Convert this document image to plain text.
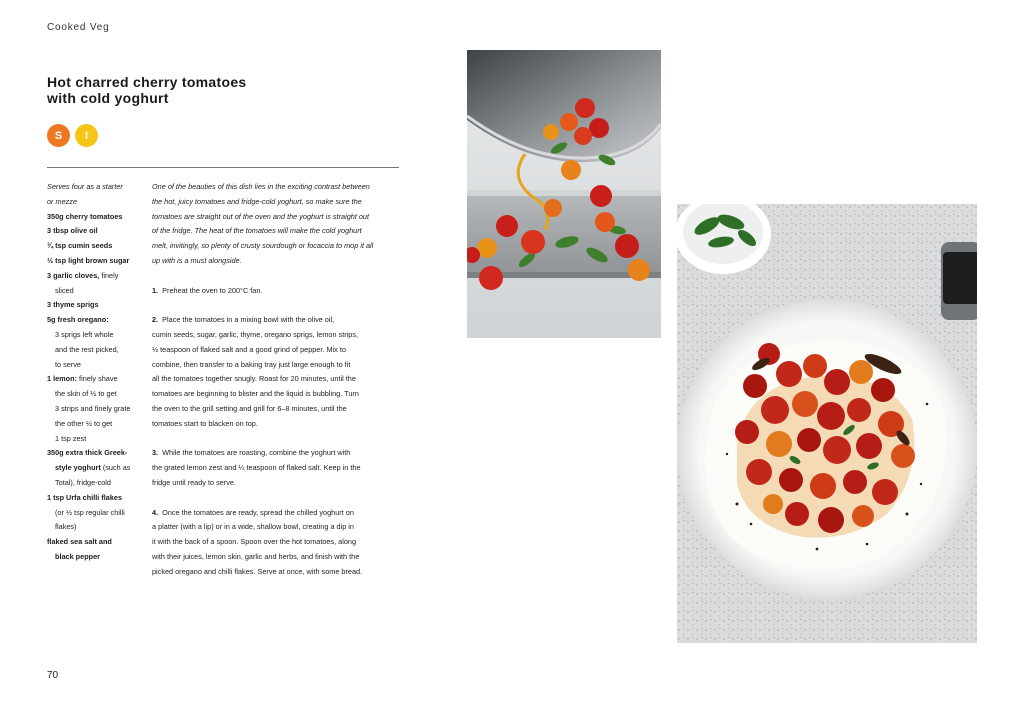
Cooked Veg
Hot charred cherry tomatoes
with cold yoghurt
S	I
Serves four as a starter
or mezze
350g cherry tomatoes
3 tbsp olive oil
¾ tsp cumin seeds
½ tsp light brown sugar
3 garlic cloves, finely
sliced
3 thyme sprigs
5g fresh oregano:
3 sprigs left whole
and the rest picked,
to serve
1 lemon: finely shave
the skin of ½ to get
3 strips and finely grate
the other ½ to get
1 tsp zest
350g extra thick Greek-
style yoghurt (such as
Total), fridge-cold
1 tsp Urfa chilli flakes
(or ½ tsp regular chilli
flakes)
flaked sea salt and
black pepper

One of the beauties of this dish lies in the exciting contrast between
the hot, juicy tomatoes and fridge-cold yoghurt, so make sure the
tomatoes are straight out of the oven and the yoghurt is straight out
of the fridge. The heat of the tomatoes will make the cold yoghurt
melt, invitingly, so plenty of crusty sourdough or focaccia to mop it all
up with is a must alongside.

1. Preheat the oven to 200°C fan.

2. Place the tomatoes in a mixing bowl with the olive oil,
cumin seeds, sugar, garlic, thyme, oregano sprigs, lemon strips,
½ teaspoon of flaked salt and a good grind of pepper. Mix to
combine, then transfer to a baking tray just large enough to fit
all the tomatoes together snugly. Roast for 20 minutes, until the
tomatoes are beginning to blister and the liquid is bubbling. Turn
the oven to the grill setting and grill for 6–8 minutes, until the
tomatoes start to blacken on top.

3. While the tomatoes are roasting, combine the yoghurt with
the grated lemon zest and ¼ teaspoon of flaked salt. Keep in the
fridge until ready to serve.

4. Once the tomatoes are ready, spread the chilled yoghurt on
a platter (with a lip) or in a wide, shallow bowl, creating a dip in
it with the back of a spoon. Spoon over the hot tomatoes, along
with their juices, lemon skin, garlic and herbs, and finish with the
picked oregano and chilli flakes. Serve at once, with some bread.

70
